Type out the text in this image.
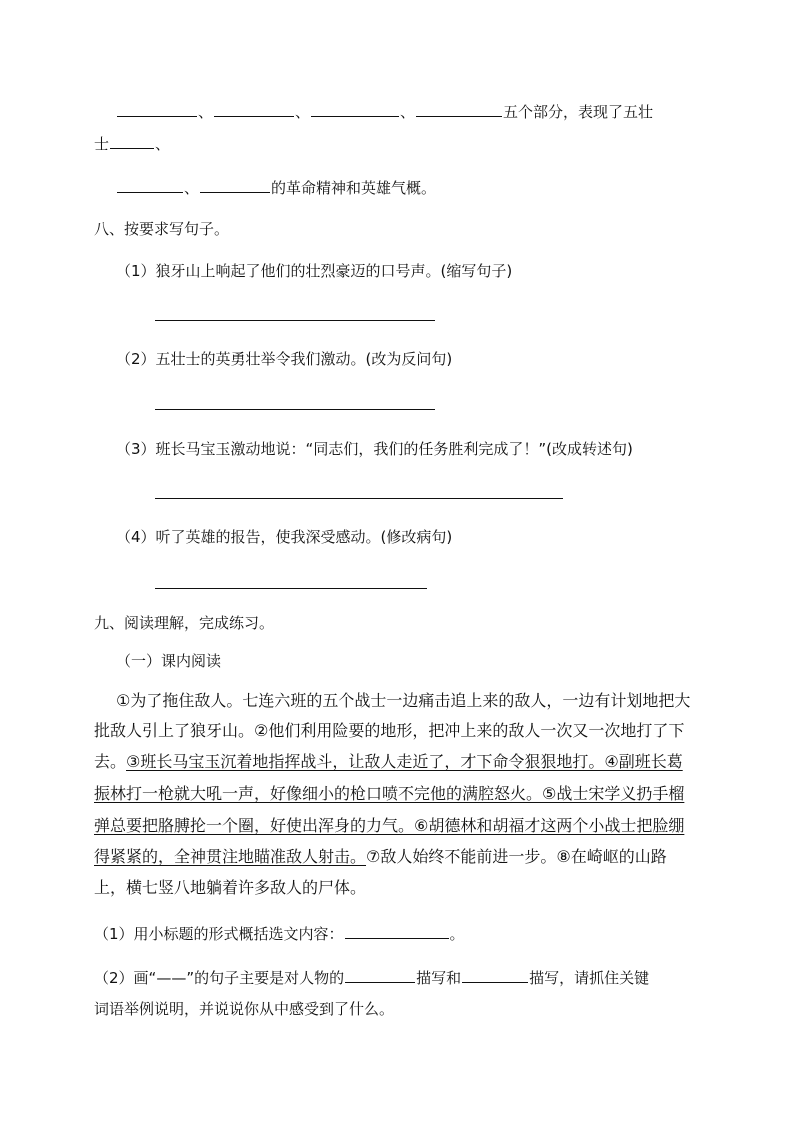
、	、	、	五个部分，表现了五壮
士	、
、	的革命精神和英雄气概。
八、按要求写句子。
（1）狼牙山上响起了他们的壮烈豪迈的口号声。(缩写句子)
（2）五壮士的英勇壮举令我们激动。(改为反问句)
（3）班长马宝玉激动地说：“同志们，我们的任务胜利完成了！”(改成转述句)
（4）听了英雄的报告，使我深受感动。(修改病句)
九、阅读理解，完成练习。
（一）课内阅读
①为了拖住敌人。七连六班的五个战士一边痛击追上来的敌人，一边有计划地把大
批敌人引上了狼牙山。②他们利用险要的地形，把冲上来的敌人一次又一次地打了下
去。③班长马宝玉沉着地指挥战斗，让敌人走近了，才下命令狠狠地打。④副班长葛
振林打一枪就大吼一声，好像细小的枪口喷不完他的满腔怒火。⑤战士宋学义扔手榴
弹总要把胳膊抡一个圈，好使出浑身的力气。⑥胡德林和胡福才这两个小战士把脸绷
得紧紧的，全神贯注地瞄准敌人射击。⑦敌人始终不能前进一步。⑧在崎岖的山路
上，横七竖八地躺着许多敌人的尸体。
（1）用小标题的形式概括选文内容：	。
（2）画“——”的句子主要是对人物的	描写和	描写，请抓住关键
词语举例说明，并说说你从中感受到了什么。
